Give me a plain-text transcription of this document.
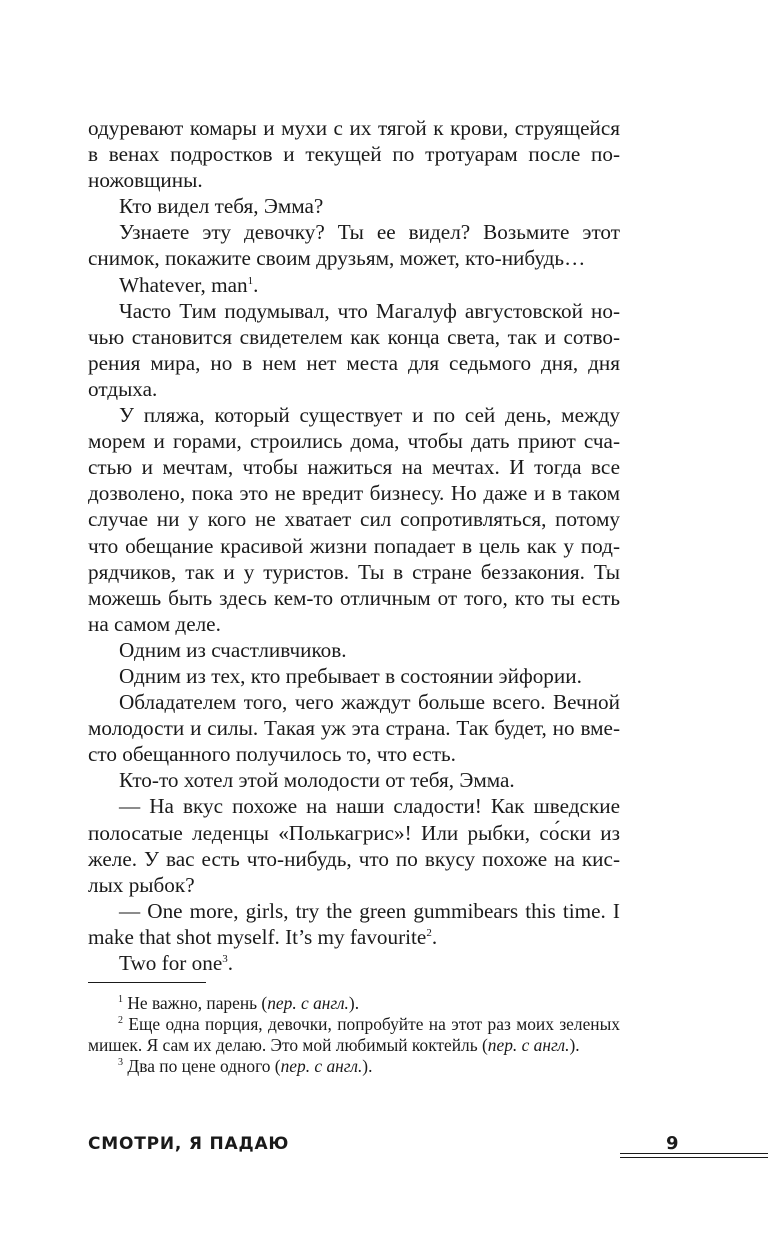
одуревают комары и мухи с их тягой к крови, струящейся в венах подростков и текущей по тротуарам после поножовщины.

Кто видел тебя, Эмма?

Узнаете эту девочку? Ты ее видел? Возьмите этот снимок, покажите своим друзьям, может, кто-нибудь…

Whatever, man$^1$.

Часто Тим подумывал, что Магалуф августовской ночью становится свидетелем как конца света, так и сотворения мира, но в нем нет места для седьмого дня, дня отдыха.

У пляжа, который существует и по сей день, между морем и горами, строились дома, чтобы дать приют счастью и мечтам, чтобы нажиться на мечтах. И тогда все дозволено, пока это не вредит бизнесу. Но даже и в таком случае ни у кого не хватает сил сопротивляться, потому что обещание красивой жизни попадает в цель как у подрядчиков, так и у туристов. Ты в стране беззакония. Ты можешь быть здесь кем-то отличным от того, кто ты есть на самом деле.

Одним из счастливчиков.

Одним из тех, кто пребывает в состоянии эйфории.

Обладателем того, чего жаждут больше всего. Вечной молодости и силы. Такая уж эта страна. Так будет, но вместо обещанного получилось то, что есть.

Кто-то хотел этой молодости от тебя, Эмма.

— На вкус похоже на наши сладости! Как шведские полосатые леденцы «Полькагрис»! Или рыбки, со́ски из желе. У вас есть что-нибудь, что по вкусу похоже на кислых рыбок?

— One more, girls, try the green gummibears this time. I make that shot myself. It’s my favourite$^2$.

Two for one$^3$.

$^1$ Не важно, парень (пер. с англ.).

$^2$ Еще одна порция, девочки, попробуйте на этот раз моих зеленых мишек. Я сам их делаю. Это мой любимый коктейль (пер. с англ.).

$^3$ Два по цене одного (пер. с англ.).

СМОТРИ, Я ПАДАЮ	9
